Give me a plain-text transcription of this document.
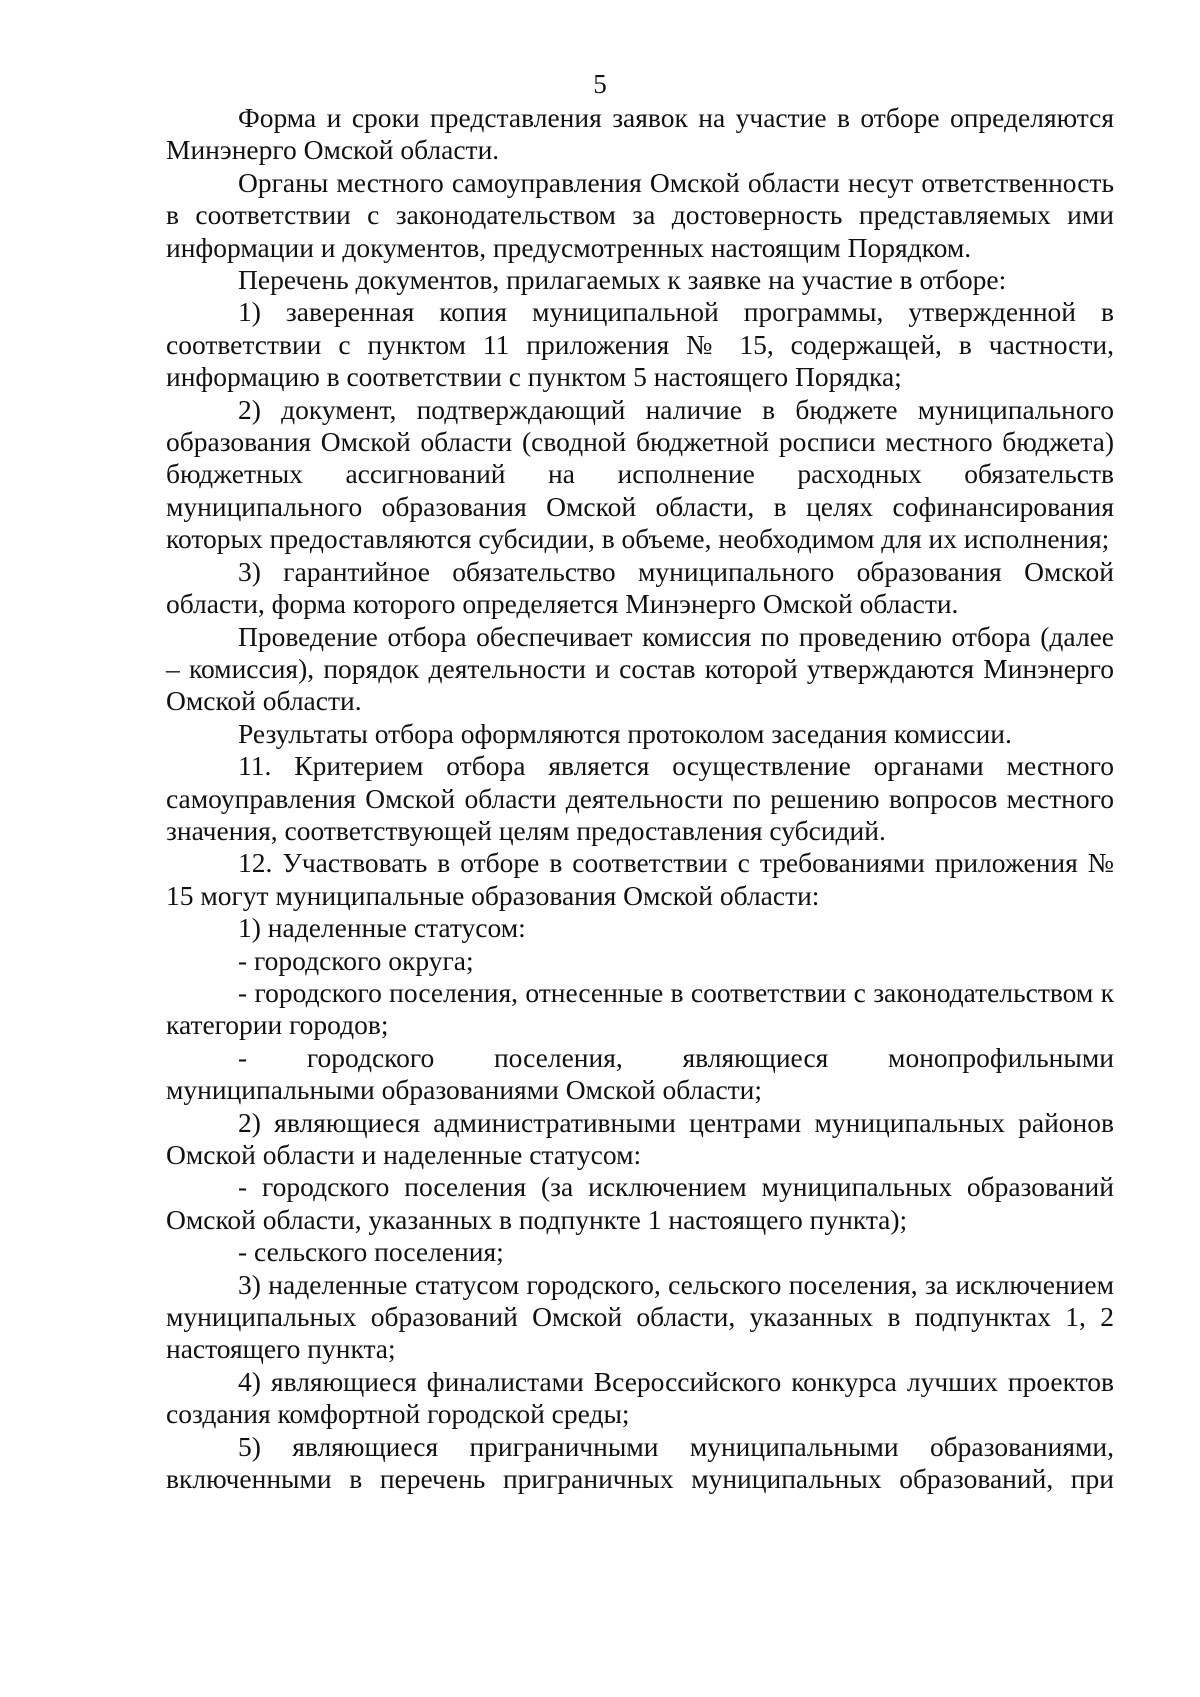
5

Форма и сроки представления заявок на участие в отборе определяются Минэнерго Омской области.

Органы местного самоуправления Омской области несут ответственность в соответствии с законодательством за достоверность представляемых ими информации и документов, предусмотренных настоящим Порядком.

Перечень документов, прилагаемых к заявке на участие в отборе:

1) заверенная копия муниципальной программы, утвержденной в соответствии с пунктом 11 приложения № 15, содержащей, в частности, информацию в соответствии с пунктом 5 настоящего Порядка;

2) документ, подтверждающий наличие в бюджете муниципального образования Омской области (сводной бюджетной росписи местного бюджета) бюджетных ассигнований на исполнение расходных обязательств муниципального образования Омской области, в целях софинансирования которых предоставляются субсидии, в объеме, необходимом для их исполнения;

3) гарантийное обязательство муниципального образования Омской области, форма которого определяется Минэнерго Омской области.

Проведение отбора обеспечивает комиссия по проведению отбора (далее – комиссия), порядок деятельности и состав которой утверждаются Минэнерго Омской области.

Результаты отбора оформляются протоколом заседания комиссии.

11. Критерием отбора является осуществление органами местного самоуправления Омской области деятельности по решению вопросов местного значения, соответствующей целям предоставления субсидий.

12. Участвовать в отборе в соответствии с требованиями приложения № 15 могут муниципальные образования Омской области:

1) наделенные статусом:

- городского округа;

- городского поселения, отнесенные в соответствии с законодательством к категории городов;

- городского поселения, являющиеся монопрофильными муниципальными образованиями Омской области;

2) являющиеся административными центрами муниципальных районов Омской области и наделенные статусом:

- городского поселения (за исключением муниципальных образований Омской области, указанных в подпункте 1 настоящего пункта);

- сельского поселения;

3) наделенные статусом городского, сельского поселения, за исключением муниципальных образований Омской области, указанных в подпунктах 1, 2 настоящего пункта;

4) являющиеся финалистами Всероссийского конкурса лучших проектов создания комфортной городской среды;

5) являющиеся приграничными муниципальными образованиями, включенными в перечень приграничных муниципальных образований, при
